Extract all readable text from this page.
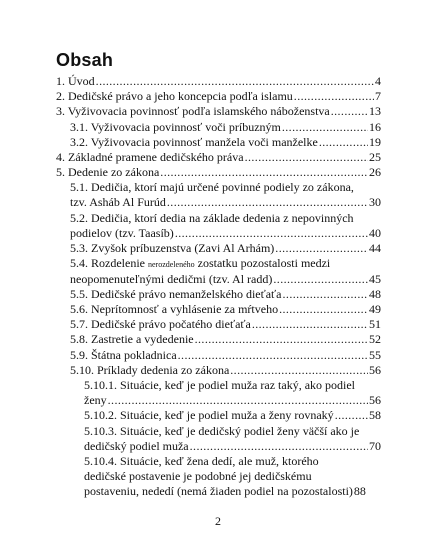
Obsah
1. Úvod .....	4
2. Dedičské právo a jeho koncepcia podľa islamu .....	7
3. Vyživovacia povinnosť podľa islamského náboženstva .....	13
3.1. Vyživovacia povinnosť voči príbuzným .....	16
3.2. Vyživovacia povinnosť manžela voči manželke .....	19
4. Základné pramene dedičského práva .....	25
5. Dedenie zo zákona .....	26
5.1. Dedičia, ktorí majú určené povinné podiely zo zákona,
tzv. Asháb Al Furúd .....	30
5.2. Dedičia, ktorí dedia na základe dedenia z nepovinných
podielov (tzv. Taasíb) .....	40
5.3. Zvyšok príbuzenstva (Zavi Al Arhám) .....	44
5.4. Rozdelenie nerozdeleného zostatku pozostalosti medzi
neopomenuteľnými dedičmi (tzv. Al radd) .....	45
5.5. Dedičské právo nemanželského dieťaťa .....	48
5.6. Neprítomnosť a vyhlásenie za mŕtveho .....	49
5.7. Dedičské právo počatého dieťaťa .....	51
5.8. Zastretie a vydedenie .....	52
5.9. Štátna pokladnica .....	55
5.10. Príklady dedenia zo zákona .....	56
5.10.1. Situácie, keď je podiel muža raz taký, ako podiel
ženy .....	56
5.10.2. Situácie, keď je podiel muža a ženy rovnaký .....	58
5.10.3. Situácie, keď je dedičský podiel ženy väčší ako je
dedičský podiel muža .....	70
5.10.4. Situácie, keď žena dedí, ale muž, ktorého
dedičské postavenie je podobné jej dedičskému
postaveniu, nededí (nemá žiaden podiel na pozostalosti) 88
2
